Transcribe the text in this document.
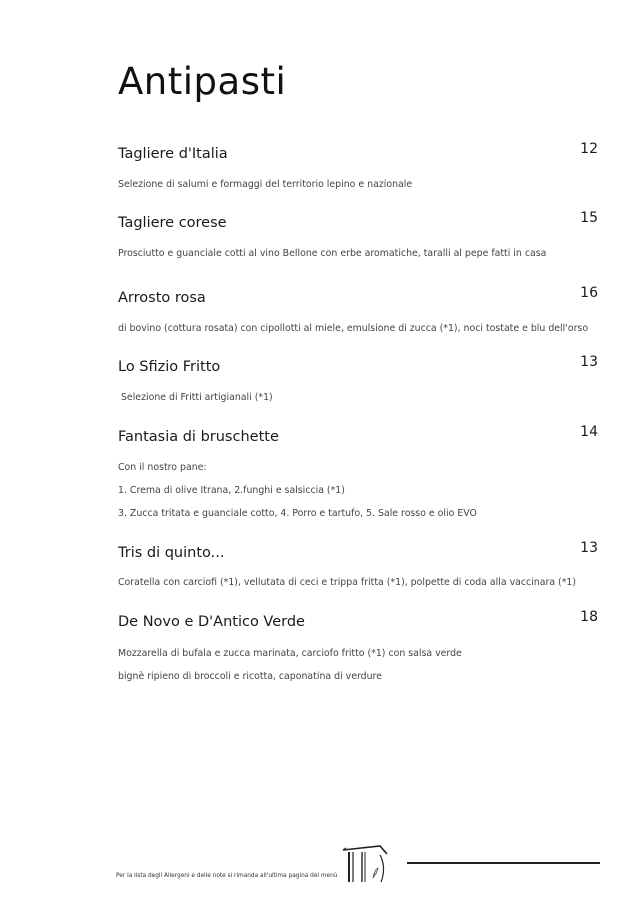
Antipasti
Tagliere d'Italia	12
Selezione di salumi e formaggi del territorio lepino e nazionale
Tagliere corese	15
Prosciutto e guanciale cotti al vino Bellone con erbe aromatiche, taralli al pepe fatti in casa
Arrosto rosa	16
di bovino (cottura rosata) con cipollotti al miele, emulsione di zucca (*1), noci tostate e blu dell'orso
Lo Sfizio Fritto	13
Selezione di Fritti artigianali (*1)
Fantasia di bruschette	14
Con il nostro pane:
1. Crema di olive Itrana, 2.funghi e salsiccia (*1)
3. Zucca tritata e guanciale cotto, 4. Porro e tartufo, 5. Sale rosso e olio EVO
Tris di quinto...	13
Coratella con carciofi (*1), vellutata di ceci e trippa fritta (*1), polpette di coda alla vaccinara (*1)
De Novo e D'Antico Verde	18
Mozzarella di bufala e zucca marinata, carciofo fritto (*1) con salsa verde
bignè ripieno di broccoli e ricotta, caponatina di verdure
Per la lista degli Allergeni e delle note si rimanda all'ultima pagina del menù
